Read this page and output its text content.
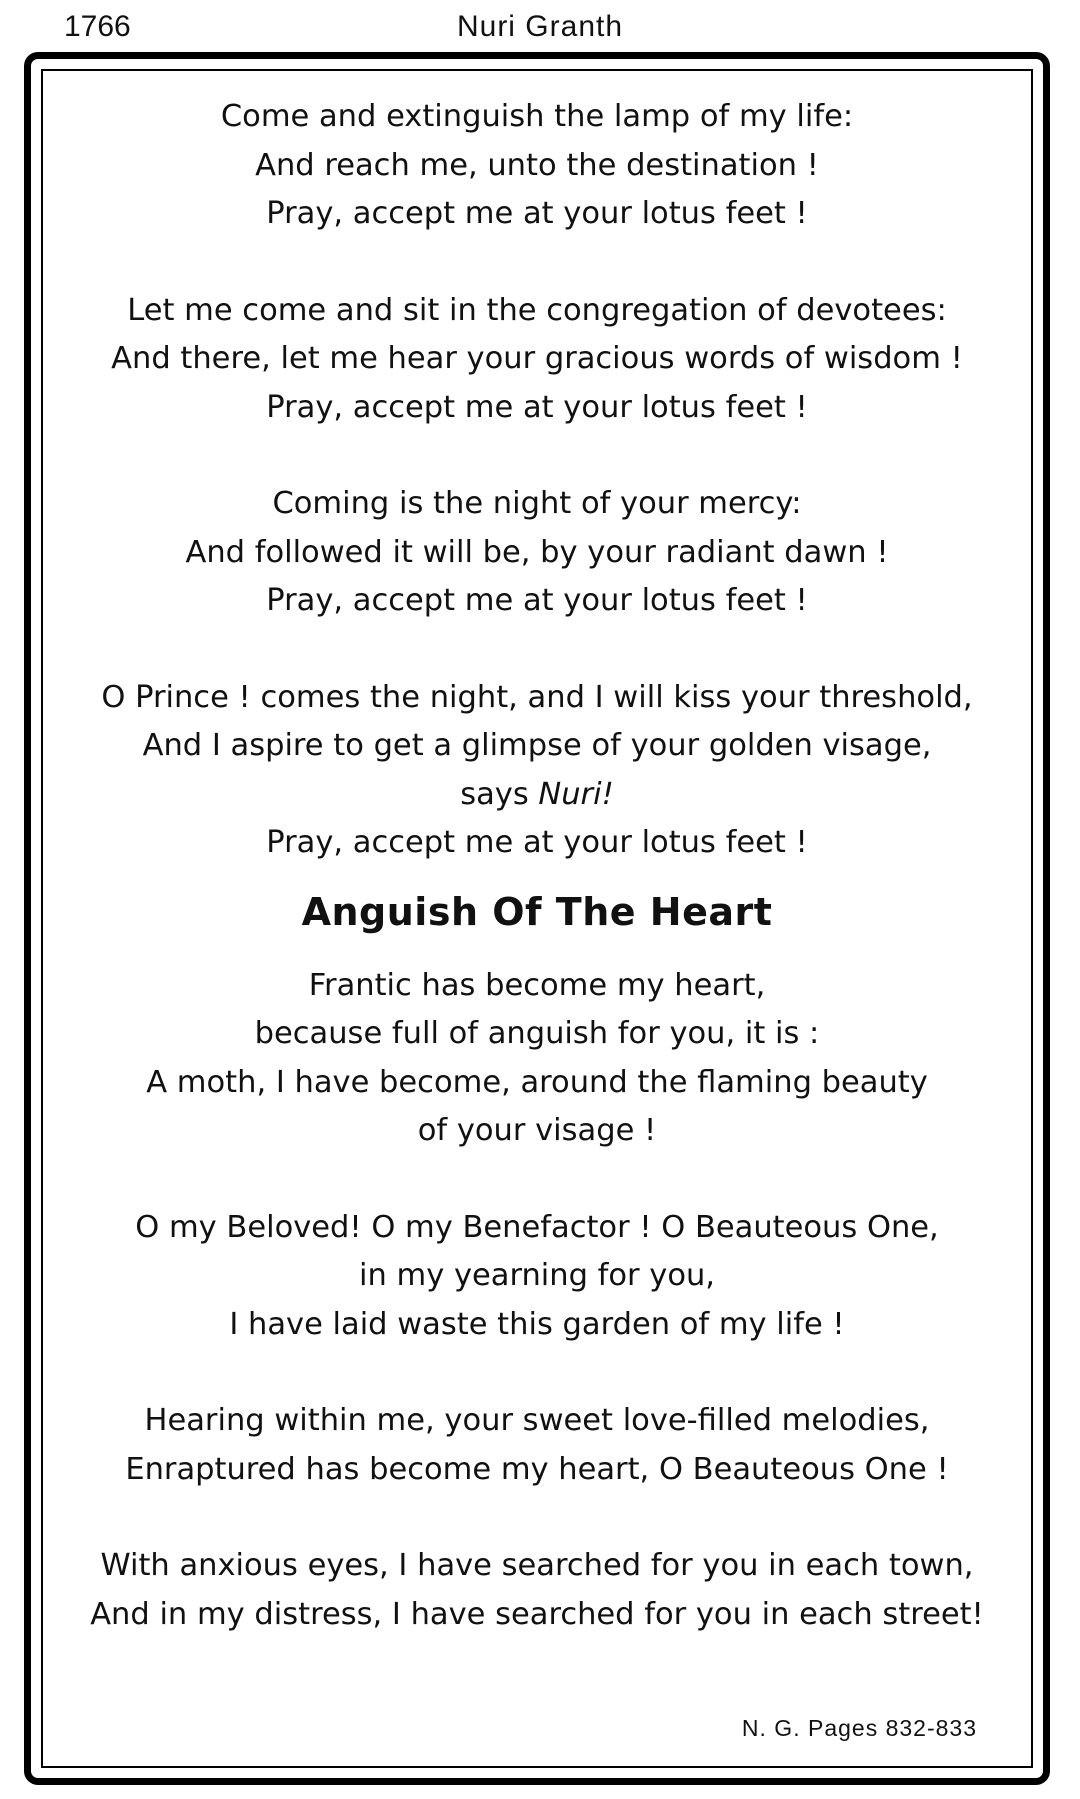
1766	Nuri Granth
Come and extinguish the lamp of my life:
And reach me, unto the destination !
Pray, accept me at your lotus feet !
Let me come and sit in the congregation of devotees:
And there, let me hear your gracious words of wisdom !
Pray, accept me at your lotus feet !
Coming is the night of your mercy:
And followed it will be, by your radiant dawn !
Pray, accept me at your lotus feet !
O Prince ! comes the night, and I will kiss your threshold,
And I aspire to get a glimpse of your golden visage,
says Nuri!
Pray, accept me at your lotus feet !
Anguish Of The Heart
Frantic has become my heart,
because full of anguish for you, it is :
A moth, I have become, around the flaming beauty
of your visage !
O my Beloved! O my Benefactor ! O Beauteous One,
in my yearning for you,
I have laid waste this garden of my life !
Hearing within me, your sweet love-filled melodies,
Enraptured has become my heart, O Beauteous One !
With anxious eyes, I have searched for you in each town,
And in my distress, I have searched for you in each street!
N. G. Pages 832-833
